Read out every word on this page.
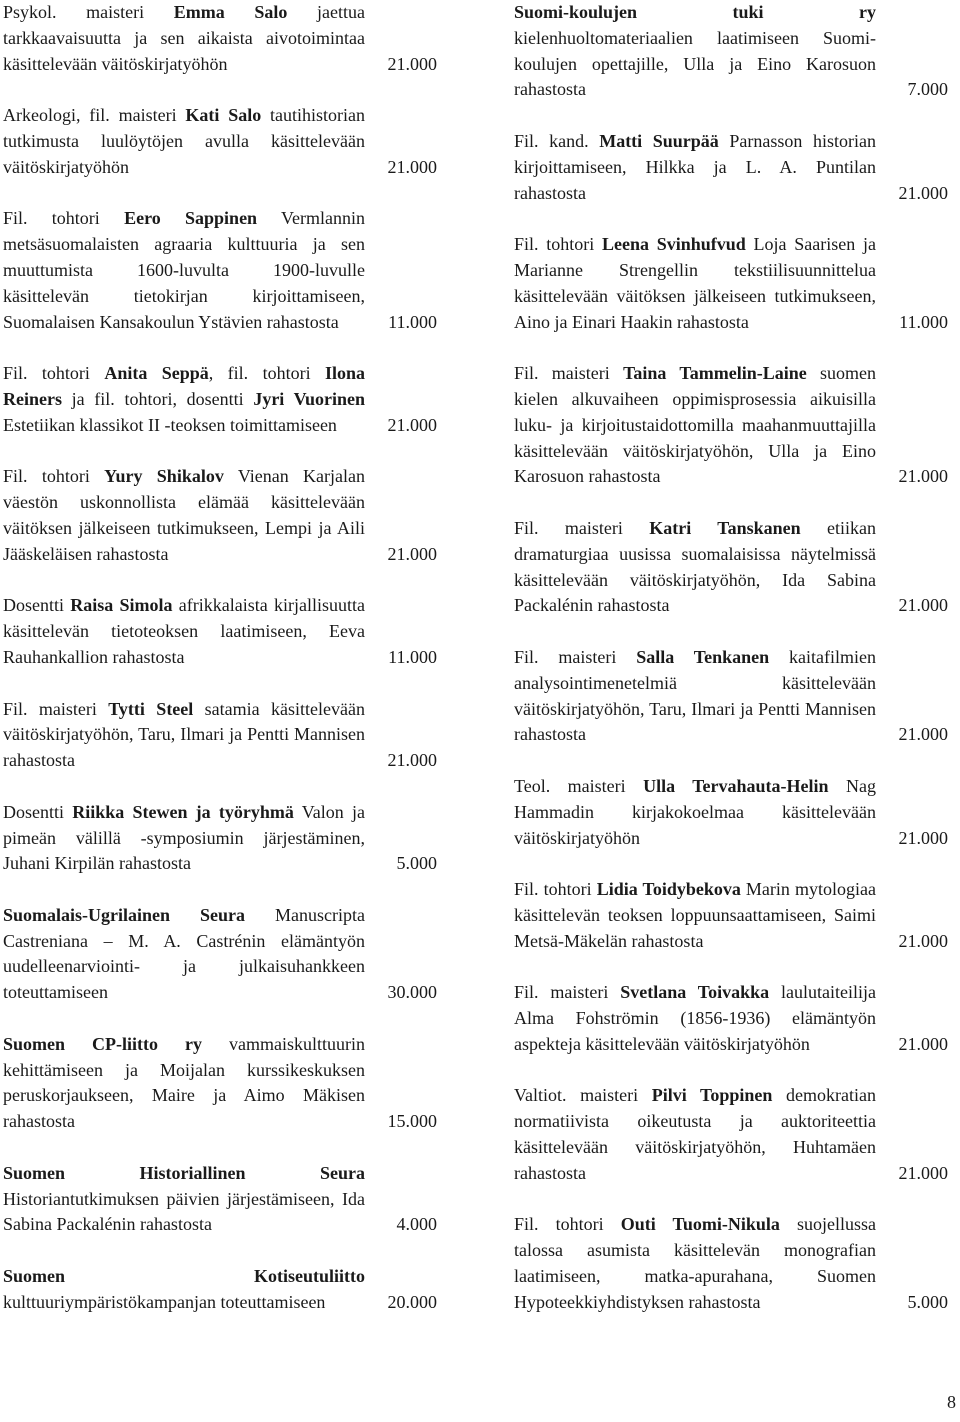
Psykol. maisteri Emma Salo jaettua tarkkaavaisuutta ja sen aikaista aivotoimintaa käsittelevään väitöskirjatyöhön	21.000
Arkeologi, fil. maisteri Kati Salo tautihistorian tutkimusta luulöytöjen avulla käsittelevään väitöskirjatyöhön	21.000
Fil. tohtori Eero Sappinen Vermlannin metsäsuomalaisten agraaria kulttuuria ja sen muuttumista 1600-luvulta 1900-luvulle käsittelevän tietokirjan kirjoittamiseen, Suomalaisen Kansakoulun Ystävien rahastosta	11.000
Fil. tohtori Anita Seppä, fil. tohtori Ilona Reiners ja fil. tohtori, dosentti Jyri Vuorinen Estetiikan klassikot II -teoksen toimittamiseen	21.000
Fil. tohtori Yury Shikalov Vienan Karjalan väestön uskonnollista elämää käsittelevään väitöksen jälkeiseen tutkimukseen, Lempi ja Aili Jääskeläisen rahastosta	21.000
Dosentti Raisa Simola afrikkalaista kirjallisuutta käsittelevän tietoteoksen laatimiseen, Eeva Rauhankallion rahastosta	11.000
Fil. maisteri Tytti Steel satamia käsittelevään väitöskirjatyöhön, Taru, Ilmari ja Pentti Mannisen rahastosta	21.000
Dosentti Riikka Stewen ja työryhmä Valon ja pimeän välillä -symposiumin järjestäminen, Juhani Kirpilän rahastosta	5.000
Suomalais-Ugrilainen Seura Manuscripta Castreniana – M. A. Castrénin elämäntyön uudelleenarviointi- ja julkaisuhankkeen toteuttamiseen	30.000
Suomen CP-liitto ry vammaiskulttuurin kehittämiseen ja Moijalan kurssikeskuksen peruskorjaukseen, Maire ja Aimo Mäkisen rahastosta	15.000
Suomen Historiallinen Seura Historiantutkimuksen päivien järjestämiseen, Ida Sabina Packalénin rahastosta	4.000
Suomen Kotiseutuliitto kulttuuriympäristökampanjan toteuttamiseen	20.000
Suomi-koulujen tuki ry kielenhuoltomateriaalien laatimiseen Suomi-koulujen opettajille, Ulla ja Eino Karosuon rahastosta	7.000
Fil. kand. Matti Suurpää Parnasson historian kirjoittamiseen, Hilkka ja L. A. Puntilan rahastosta	21.000
Fil. tohtori Leena Svinhufvud Loja Saarisen ja Marianne Strengellin tekstiilisuunnittelua käsittelevään väitöksen jälkeiseen tutkimukseen, Aino ja Einari Haakin rahastosta	11.000
Fil. maisteri Taina Tammelin-Laine suomen kielen alkuvaiheen oppimisprosessia aikuisilla luku- ja kirjoitustaidottomilla maahanmuuttajilla käsittelevään väitöskirjatyöhön, Ulla ja Eino Karosuon rahastosta	21.000
Fil. maisteri Katri Tanskanen etiikan dramaturgiaa uusissa suomalaisissa näytelmissä käsittelevään väitöskirjatyöhön, Ida Sabina Packalénin rahastosta	21.000
Fil. maisteri Salla Tenkanen kaitafilmien analysointimenetelmiä käsittelevään väitöskirjatyöhön, Taru, Ilmari ja Pentti Mannisen rahastosta	21.000
Teol. maisteri Ulla Tervahauta-Helin Nag Hammadin kirjakokoelmaa käsittelevään väitöskirjatyöhön	21.000
Fil. tohtori Lidia Toidybekova Marin mytologiaa käsittelevän teoksen loppuunsaattamiseen, Saimi Metsä-Mäkelän rahastosta	21.000
Fil. maisteri Svetlana Toivakka laulutaiteilija Alma Fohströmin (1856-1936) elämäntyön aspekteja käsittelevään väitöskirjatyöhön	21.000
Valtiot. maisteri Pilvi Toppinen demokratian normatiivista oikeutusta ja auktoriteettia käsittelevään väitöskirjatyöhön, Huhtamäen rahastosta	21.000
Fil. tohtori Outi Tuomi-Nikula suojellussa talossa asumista käsittelevän monografian laatimiseen, matka-apurahana, Suomen Hypoteekkiyhdistyksen rahastosta	5.000
8
